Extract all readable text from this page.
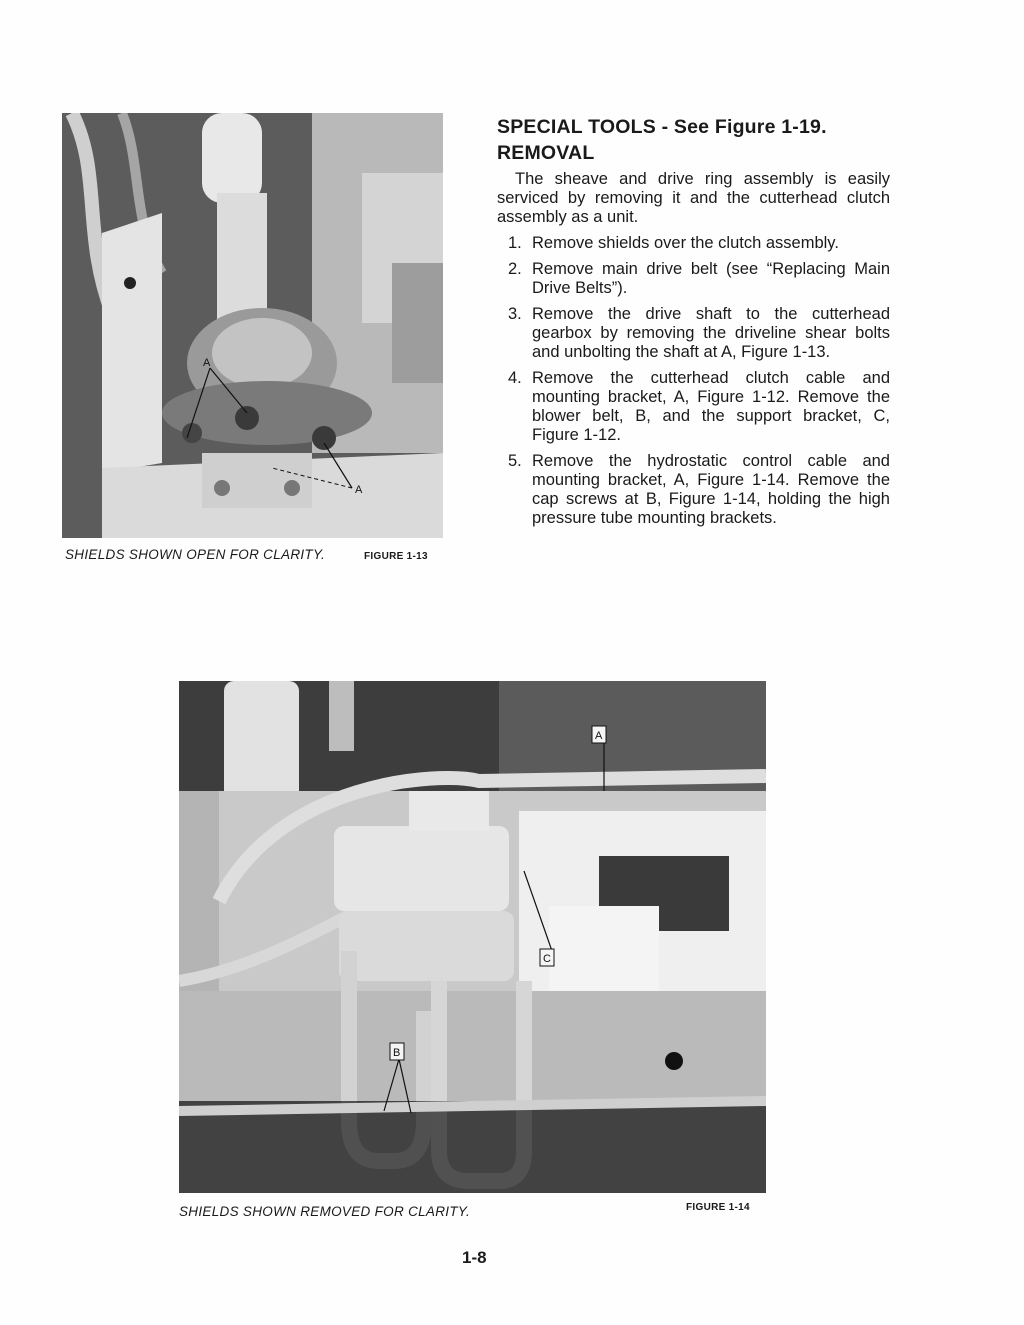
A
A
SHIELDS SHOWN OPEN FOR CLARITY.	FIGURE 1-13
SPECIAL TOOLS - See Figure 1-19.
REMOVAL

The sheave and drive ring assembly is easily serviced by removing it and the cutterhead clutch assembly as a unit.

1. Remove shields over the clutch assembly.
2. Remove main drive belt (see “Replacing Main Drive Belts”).
3. Remove the drive shaft to the cutterhead gearbox by removing the driveline shear bolts and unbolting the shaft at A, Figure 1-13.
4. Remove the cutterhead clutch cable and mounting bracket, A, Figure 1-12. Remove the blower belt, B, and the support bracket, C, Figure 1-12.
5. Remove the hydrostatic control cable and mounting bracket, A, Figure 1-14. Remove the cap screws at B, Figure 1-14, holding the high pressure tube mounting brackets.
A
C
B
SHIELDS SHOWN REMOVED FOR CLARITY.	FIGURE 1-14
1-8
